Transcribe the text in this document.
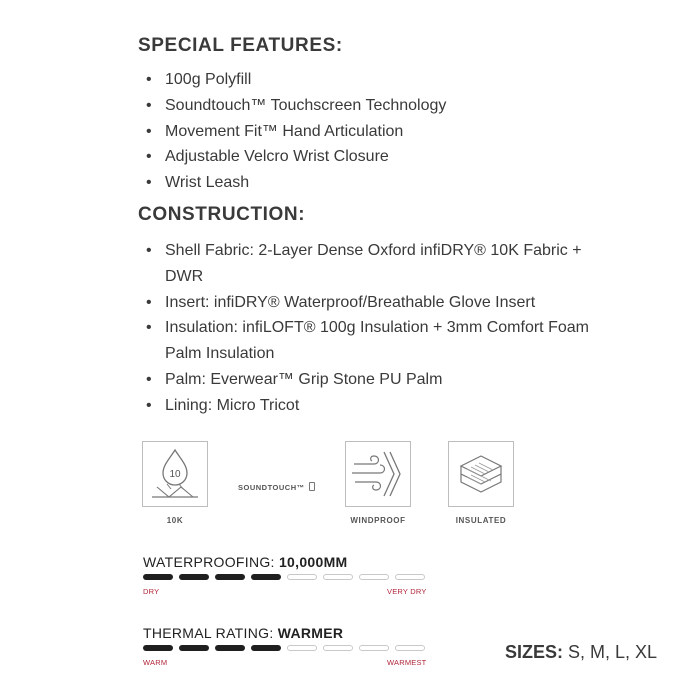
SPECIAL FEATURES:
• 100g Polyfill
• Soundtouch™ Touchscreen Technology
• Movement Fit™ Hand Articulation
• Adjustable Velcro Wrist Closure
• Wrist Leash
CONSTRUCTION:
• Shell Fabric: 2-Layer Dense Oxford infiDRY® 10K Fabric + DWR
• Insert: infiDRY® Waterproof/Breathable Glove Insert
• Insulation: infiLOFT® 100g Insulation + 3mm Comfort Foam Palm Insulation
• Palm: Everwear™ Grip Stone PU Palm
• Lining: Micro Tricot
10
10K
SOUNDTOUCH™
WINDPROOF	INSULATED
WATERPROOFING: 10,000MM
DRY	VERY DRY
THERMAL RATING: WARMER
WARM	WARMEST
SIZES: S, M, L, XL
